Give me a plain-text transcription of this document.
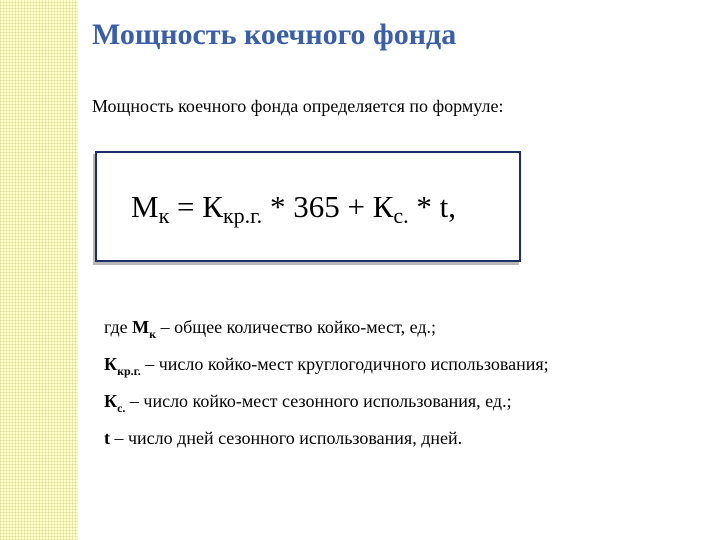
Мощность коечного фонда
Мощность коечного фонда определяется по формуле:
Мк = Ккр.г. * 365 + Кс. * t,
где $М_к$ – общее количество койко-мест, ед.;
$К_{кр.г.}$ – число койко-мест круглогодичного использования;
$К_{с.}$ – число койко-мест сезонного использования, ед.;
t – число дней сезонного использования, дней.
